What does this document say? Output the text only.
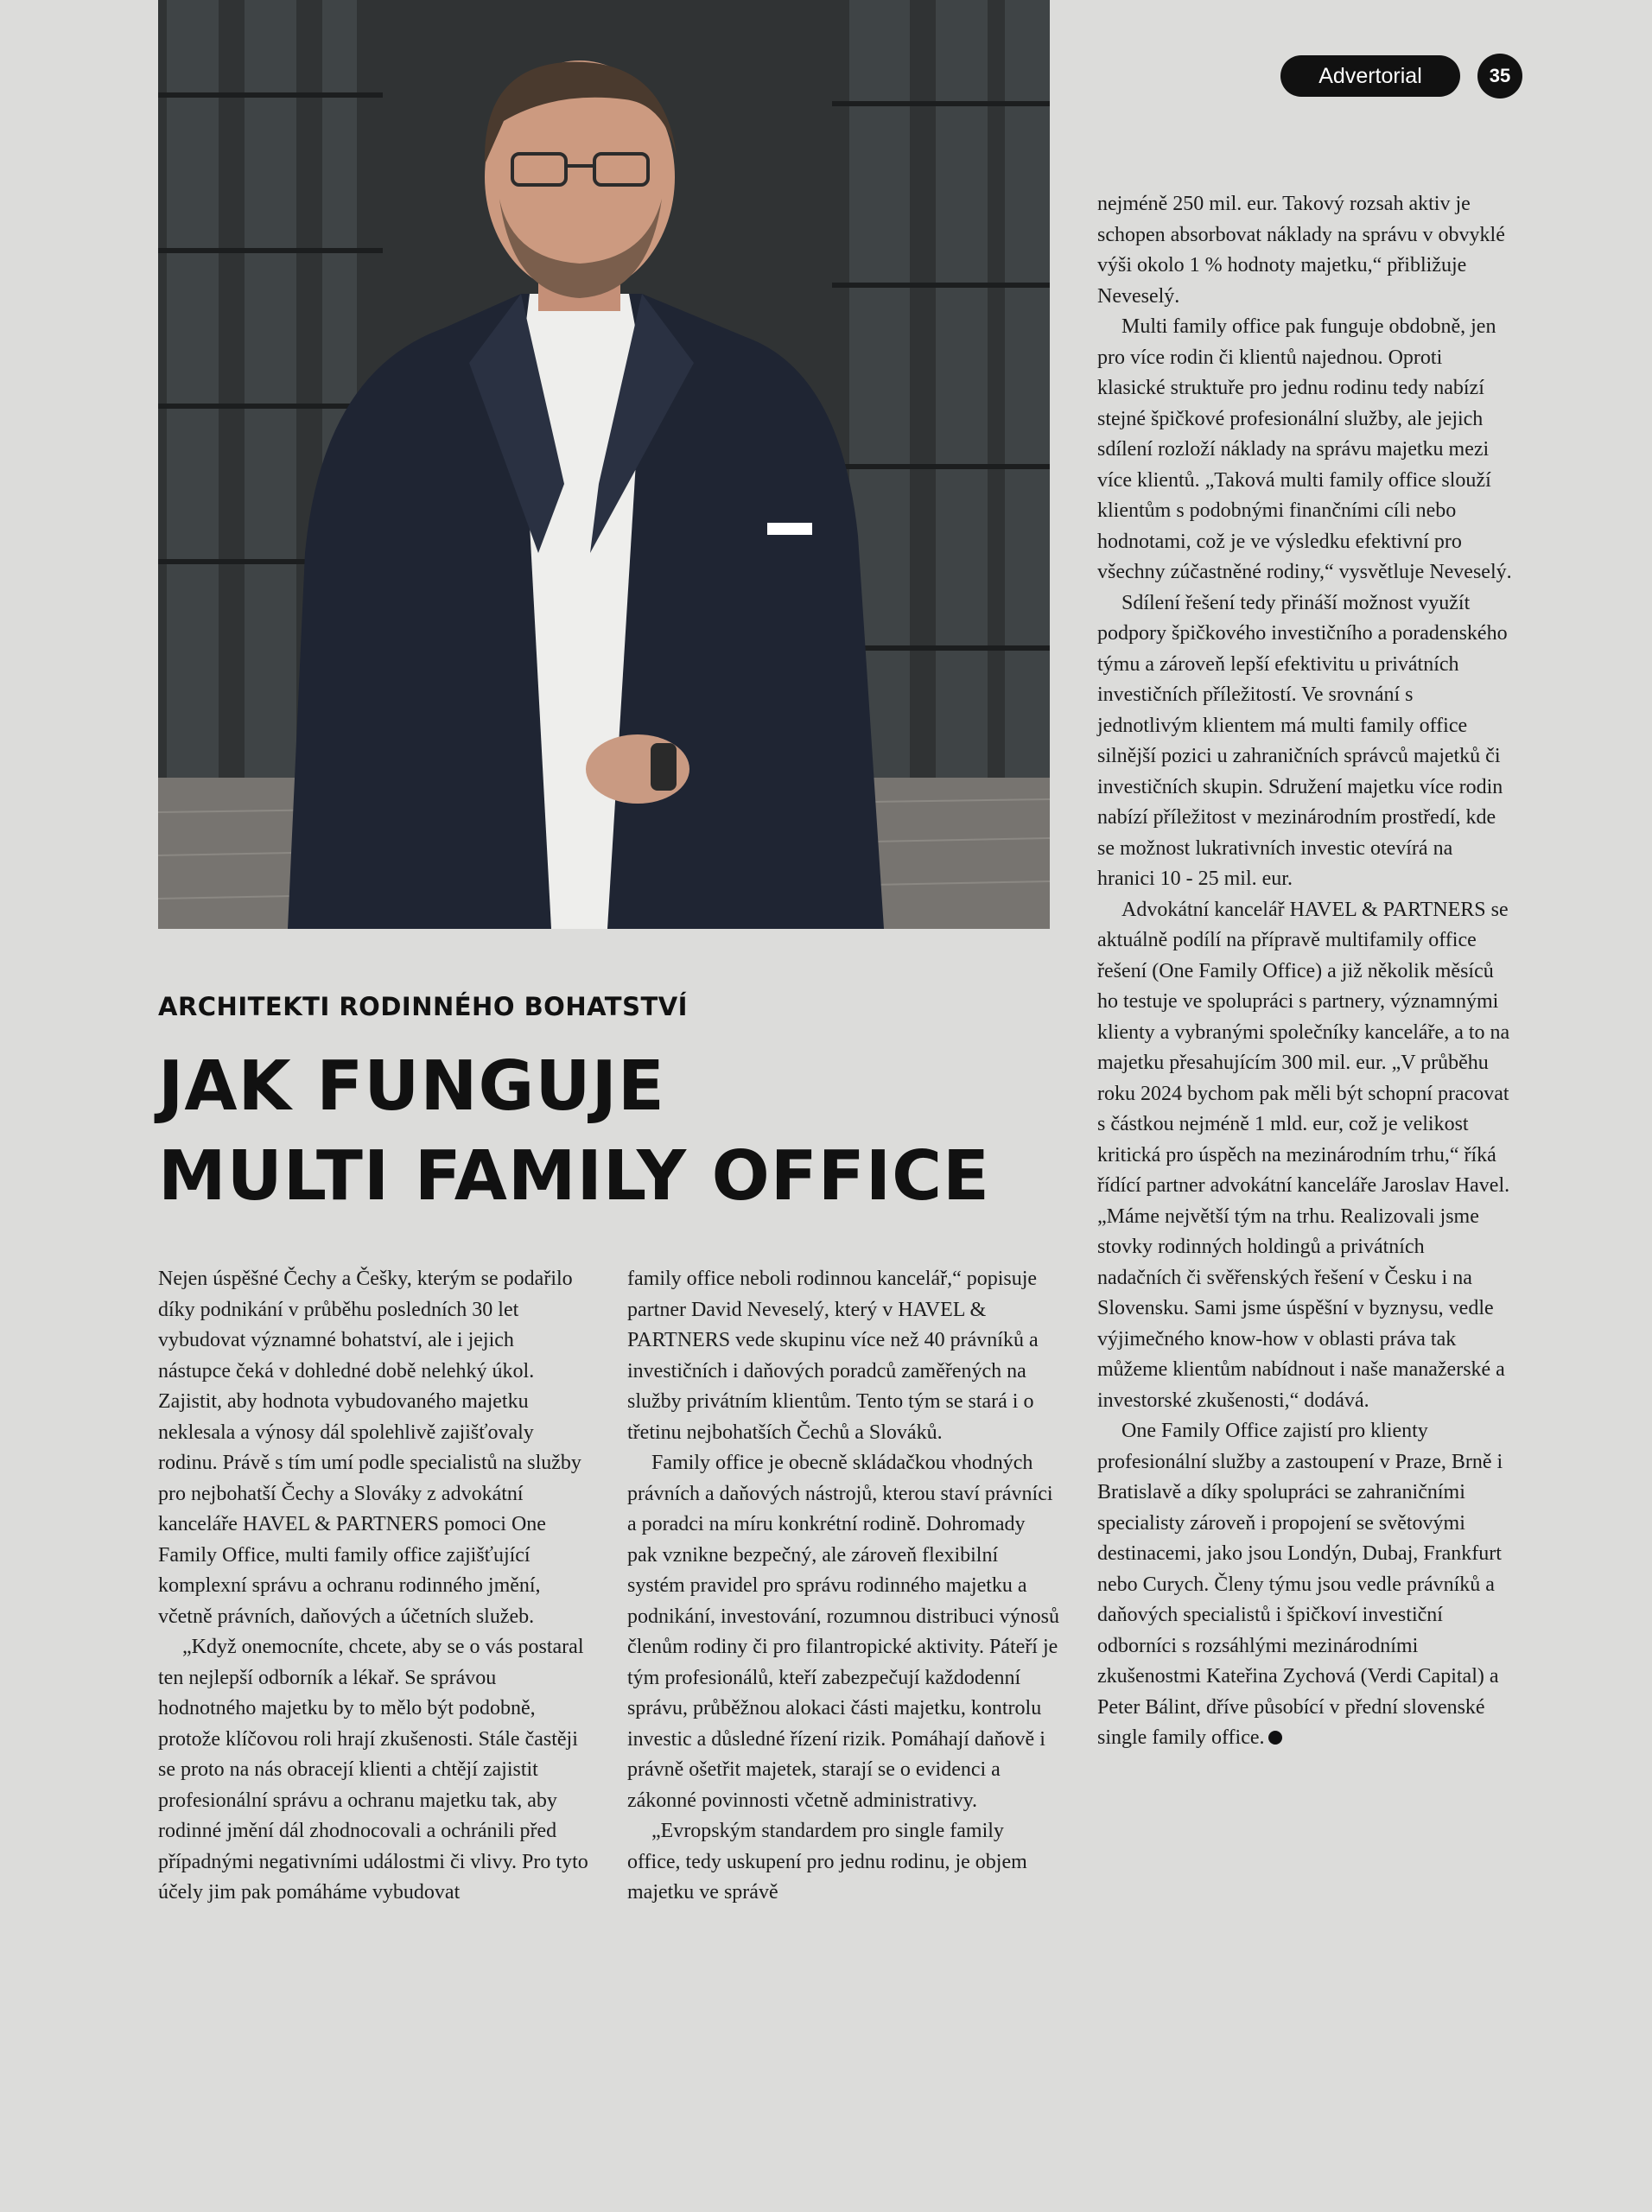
Advertorial	35
ARCHITEKTI RODINNÉHO BOHATSTVÍ
JAK FUNGUJE
MULTI FAMILY OFFICE

Nejen úspěšné Čechy a Češky, kterým se podařilo díky podnikání v průběhu posledních 30 let vybudovat významné bohatství, ale i jejich nástupce čeká v dohledné době nelehký úkol. Zajistit, aby hodnota vybudovaného majetku neklesala a výnosy dál spolehlivě zajišťovaly rodinu. Právě s tím umí podle specialistů na služby pro nejbohatší Čechy a Slováky z advokátní kanceláře HAVEL & PARTNERS pomoci One Family Office, multi family office zajišťující komplexní správu a ochranu rodinného jmění, včetně právních, daňových a účetních služeb.

„Když onemocníte, chcete, aby se o vás postaral ten nejlepší odborník a lékař. Se správou hodnotného majetku by to mělo být podobně, protože klíčovou roli hrají zkušenosti. Stále častěji se proto na nás obracejí klienti a chtějí zajistit profesionální správu a ochranu majetku tak, aby rodinné jmění dál zhodnocovali a ochránili před případnými negativními událostmi či vlivy. Pro tyto účely jim pak pomáháme vybudovat

family office neboli rodinnou kancelář,“ popisuje partner David Neveselý, který v HAVEL & PARTNERS vede skupinu více než 40 právníků a investičních i daňových poradců zaměřených na služby privátním klientům. Tento tým se stará i o třetinu nejbohatších Čechů a Slováků.

Family office je obecně skládačkou vhodných právních a daňových nástrojů, kterou staví právníci a poradci na míru konkrétní rodině. Dohromady pak vznikne bezpečný, ale zároveň flexibilní systém pravidel pro správu rodinného majetku a podnikání, investování, rozumnou distribuci výnosů členům rodiny či pro filantropické aktivity. Páteří je tým profesionálů, kteří zabezpečují každodenní správu, průběžnou alokaci části majetku, kontrolu investic a důsledné řízení rizik. Pomáhají daňově i právně ošetřit majetek, starají se o evidenci a zákonné povinnosti včetně administrativy.

„Evropským standardem pro single family office, tedy uskupení pro jednu rodinu, je objem majetku ve správě

nejméně 250 mil. eur. Takový rozsah aktiv je schopen absorbovat náklady na správu v obvyklé výši okolo 1 % hodnoty majetku,“ přibližuje Neveselý.

Multi family office pak funguje obdobně, jen pro více rodin či klientů najednou. Oproti klasické struktuře pro jednu rodinu tedy nabízí stejné špičkové profesionální služby, ale jejich sdílení rozloží náklady na správu majetku mezi více klientů. „Taková multi family office slouží klientům s podobnými finančními cíli nebo hodnotami, což je ve výsledku efektivní pro všechny zúčastněné rodiny,“ vysvětluje Neveselý.

Sdílení řešení tedy přináší možnost využít podpory špičkového investičního a poradenského týmu a zároveň lepší efektivitu u privátních investičních příležitostí. Ve srovnání s jednotlivým klientem má multi family office silnější pozici u zahraničních správců majetků či investičních skupin. Sdružení majetku více rodin nabízí příležitost v mezinárodním prostředí, kde se možnost lukrativních investic otevírá na hranici 10 - 25 mil. eur.

Advokátní kancelář HAVEL & PARTNERS se aktuálně podílí na přípravě multifamily office řešení (One Family Office) a již několik měsíců ho testuje ve spolupráci s partnery, významnými klienty a vybranými společníky kanceláře, a to na majetku přesahujícím 300 mil. eur. „V průběhu roku 2024 bychom pak měli být schopní pracovat s částkou nejméně 1 mld. eur, což je velikost kritická pro úspěch na mezinárodním trhu,“ říká řídící partner advokátní kanceláře Jaroslav Havel. „Máme největší tým na trhu. Realizovali jsme stovky rodinných holdingů a privátních nadačních či svěřenských řešení v Česku i na Slovensku. Sami jsme úspěšní v byznysu, vedle výjimečného know-how v oblasti práva tak můžeme klientům nabídnout i naše manažerské a investorské zkušenosti,“ dodává.

One Family Office zajistí pro klienty profesionální služby a zastoupení v Praze, Brně i Bratislavě a díky spolupráci se zahraničními specialisty zároveň i propojení se světovými destinacemi, jako jsou Londýn, Dubaj, Frankfurt nebo Curych. Členy týmu jsou vedle právníků a daňových specialistů i špičkoví investiční odborníci s rozsáhlými mezinárodními zkušenostmi Kateřina Zychová (Verdi Capital) a Peter Bálint, dříve působící v přední slovenské single family office.
